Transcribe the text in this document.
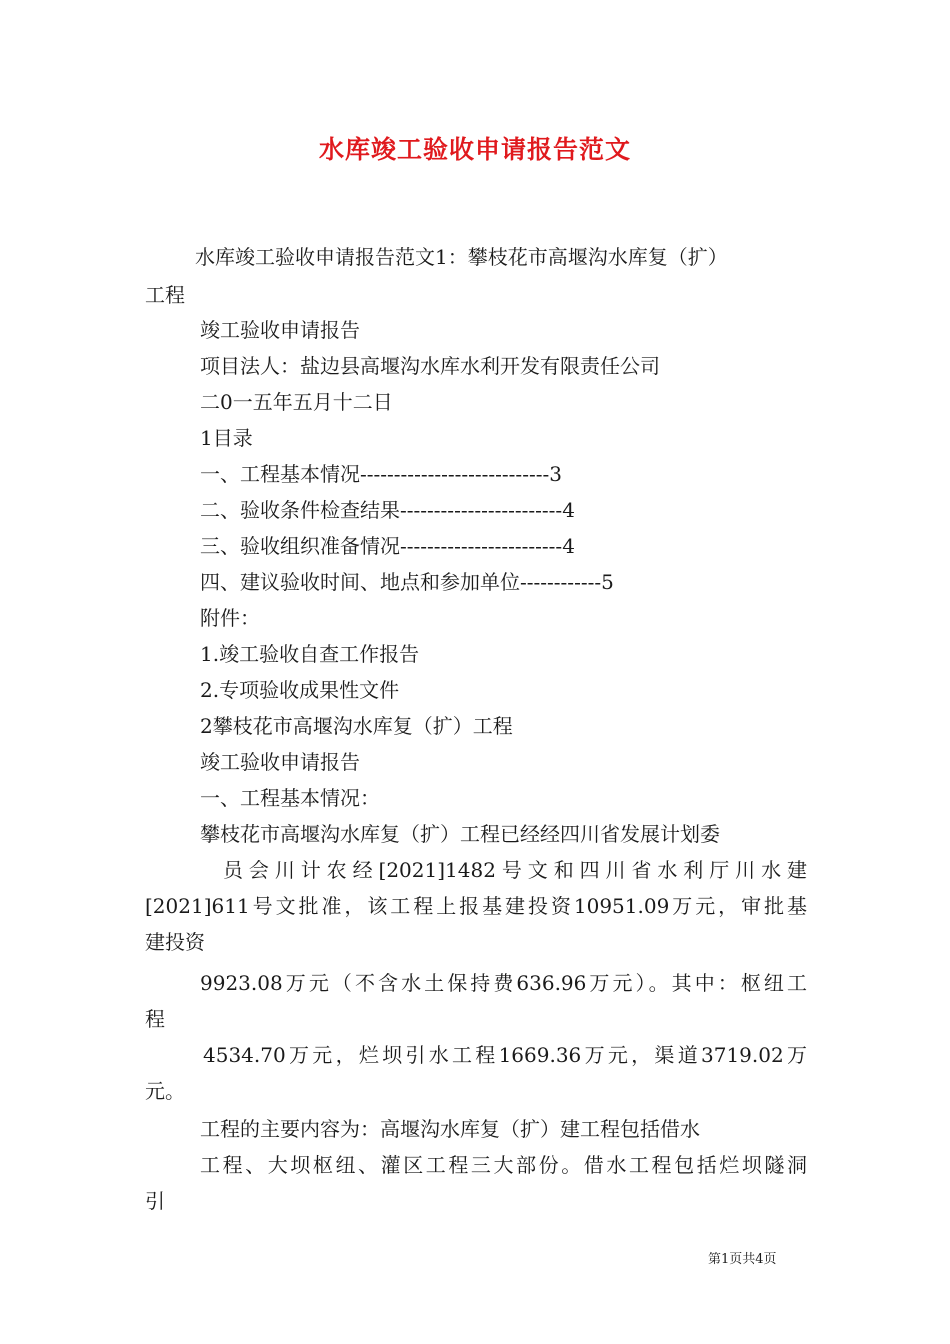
水库竣工验收申请报告范文
水库竣工验收申请报告范文1：攀枝花市高堰沟水库复（扩）
工程
竣工验收申请报告
项目法人：盐边县高堰沟水库水利开发有限责任公司
二0一五年五月十二日
1目录
一、工程基本情况----------------------------3
二、验收条件检查结果------------------------4
三、验收组织准备情况------------------------4
四、建议验收时间、地点和参加单位------------5
附件：
1.竣工验收自查工作报告
2.专项验收成果性文件
2攀枝花市高堰沟水库复（扩）工程
竣工验收申请报告
一、工程基本情况：
攀枝花市高堰沟水库复（扩）工程已经经四川省发展计划委
员会川计农经[2021]1482号文和四川省水利厅川水建
[2021]611号文批准，该工程上报基建投资10951.09万元，审批基
建投资
9923.08万元（不含水土保持费636.96万元）。其中：枢纽工
程
4534.70万元，烂坝引水工程1669.36万元，渠道3719.02万
元。
工程的主要内容为：高堰沟水库复（扩）建工程包括借水
工程、大坝枢纽、灌区工程三大部份。借水工程包括烂坝隧洞
引
第1页共4页
